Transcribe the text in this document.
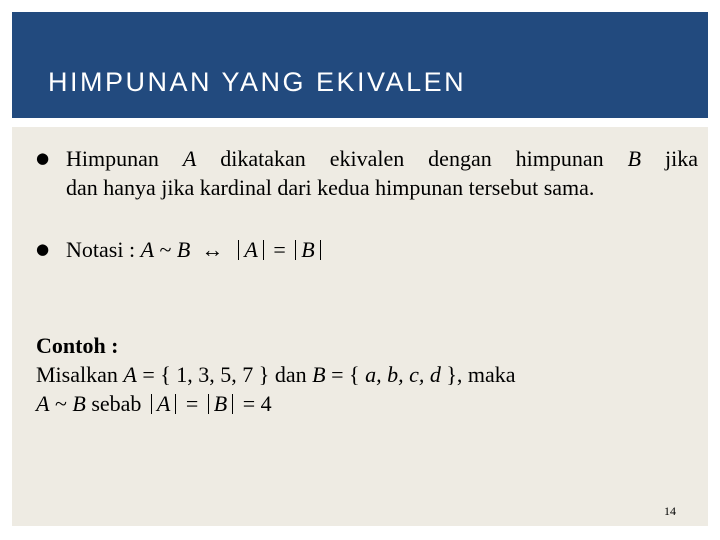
HIMPUNAN YANG EKIVALEN
● Himpunan A dikatakan ekivalen dengan himpunan B jika
dan hanya jika kardinal dari kedua himpunan tersebut sama.
● Notasi : A ~ B ↔ A = B
Contoh :
Misalkan A = { 1, 3, 5, 7 } dan B = { a, b, c, d }, maka
A ~ B sebab A = B = 4
14
